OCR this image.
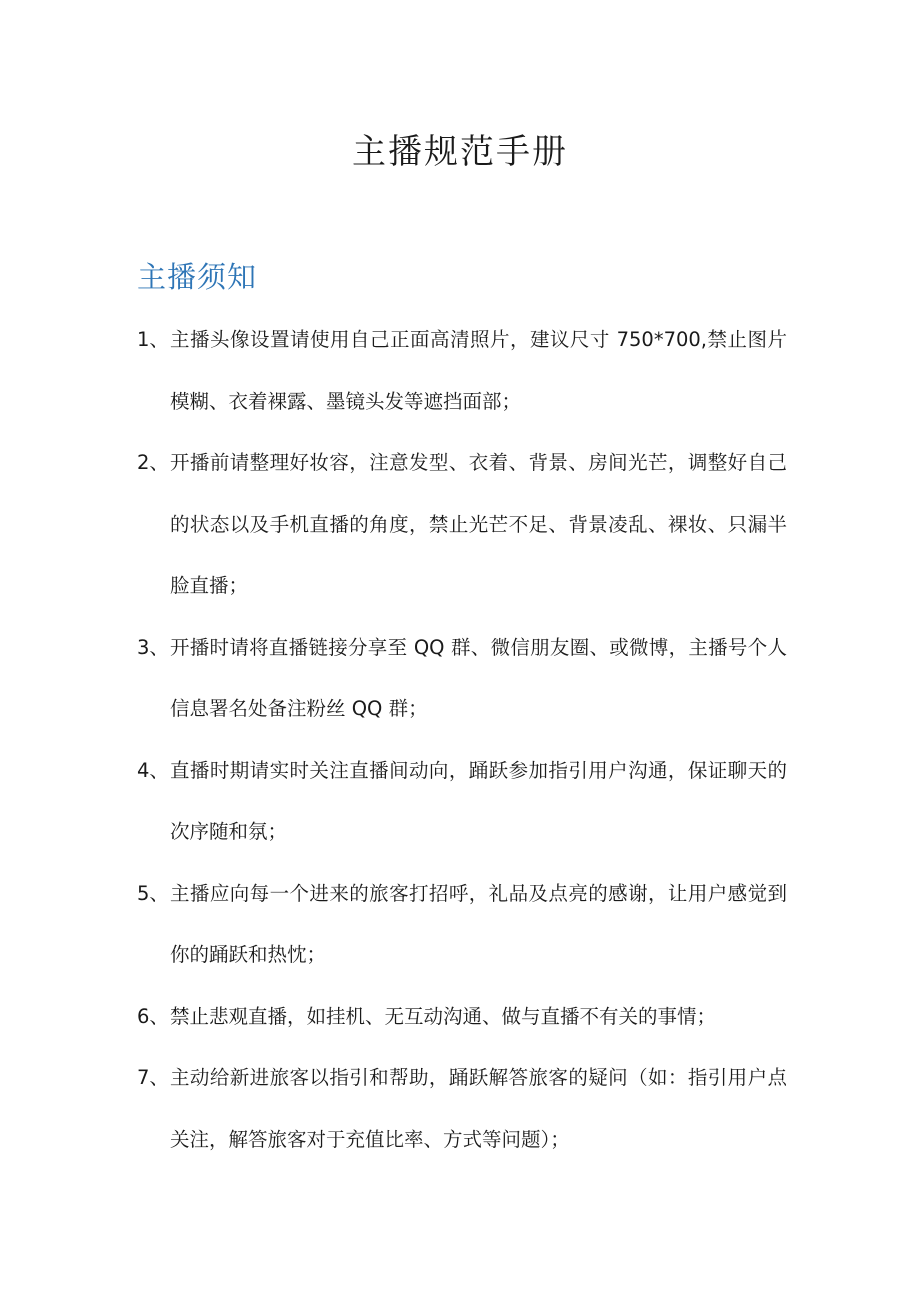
主播规范手册
主播须知
1、 主播头像设置请使用自己正面高清照片，建议尺寸 750*700,禁止图片模糊、衣着裸露、墨镜头发等遮挡面部；
2、 开播前请整理好妆容，注意发型、衣着、背景、房间光芒，调整好自己的状态以及手机直播的角度，禁止光芒不足、背景凌乱、裸妆、只漏半脸直播；
3、 开播时请将直播链接分享至 QQ 群、微信朋友圈、或微博，主播号个人信息署名处备注粉丝 QQ 群；
4、 直播时期请实时关注直播间动向，踊跃参加指引用户沟通，保证聊天的次序随和氛；
5、 主播应向每一个进来的旅客打招呼，礼品及点亮的感谢，让用户感觉到你的踊跃和热忱；
6、 禁止悲观直播，如挂机、无互动沟通、做与直播不有关的事情；
7、 主动给新进旅客以指引和帮助，踊跃解答旅客的疑问（如：指引用户点关注，解答旅客对于充值比率、方式等问题）；
